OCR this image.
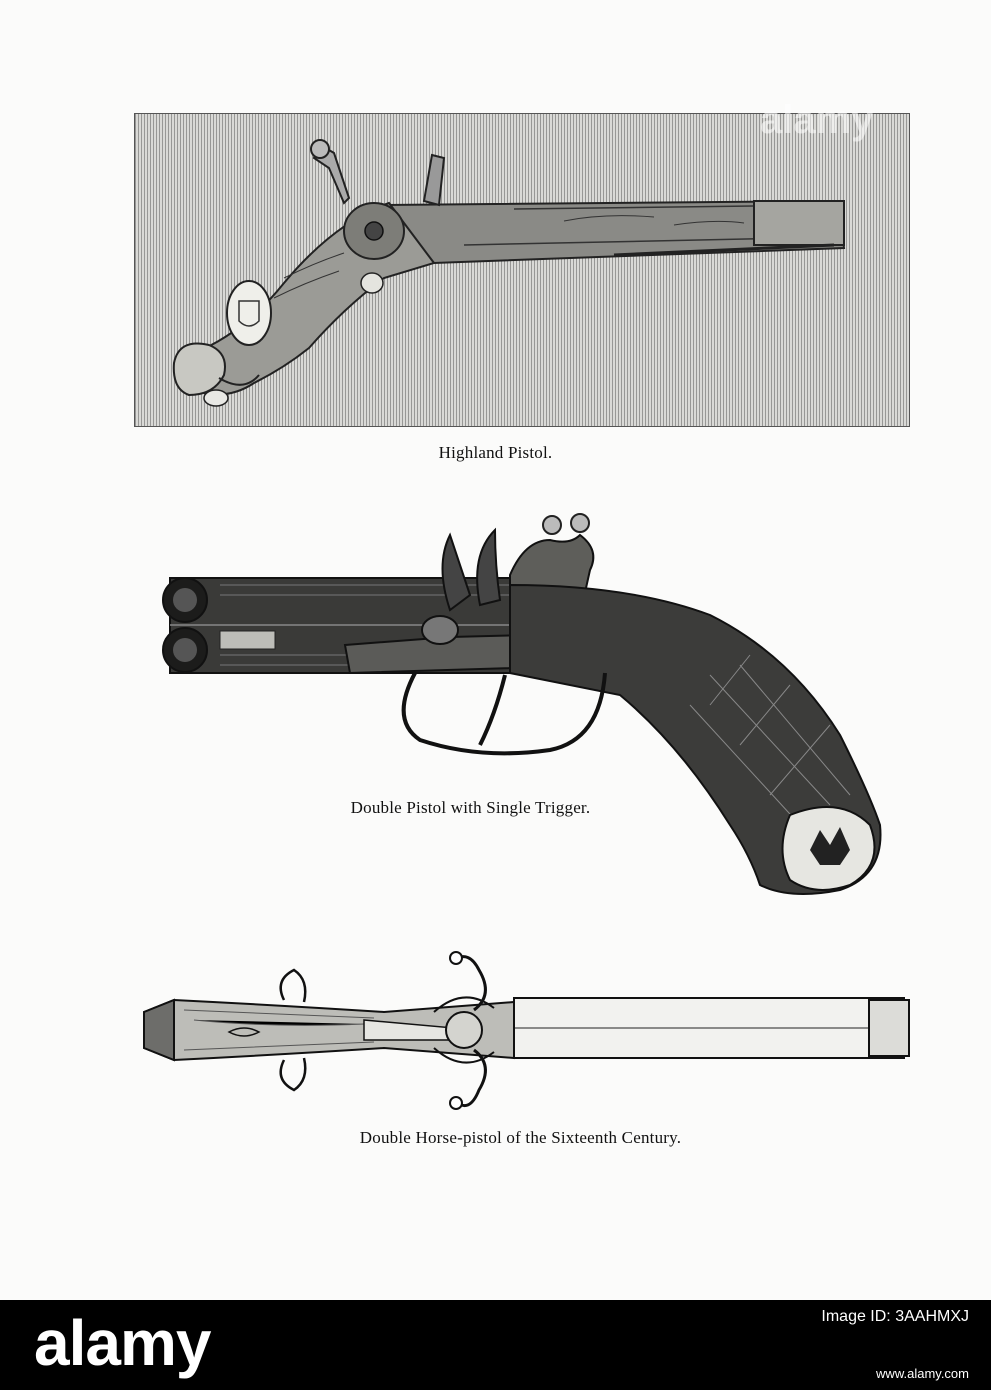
alamy
Highland Pistol.
Double Pistol with Single Trigger.
Double Horse-pistol of the Sixteenth Century.
alamy	Image ID: 3AAHMXJ
www.alamy.com
